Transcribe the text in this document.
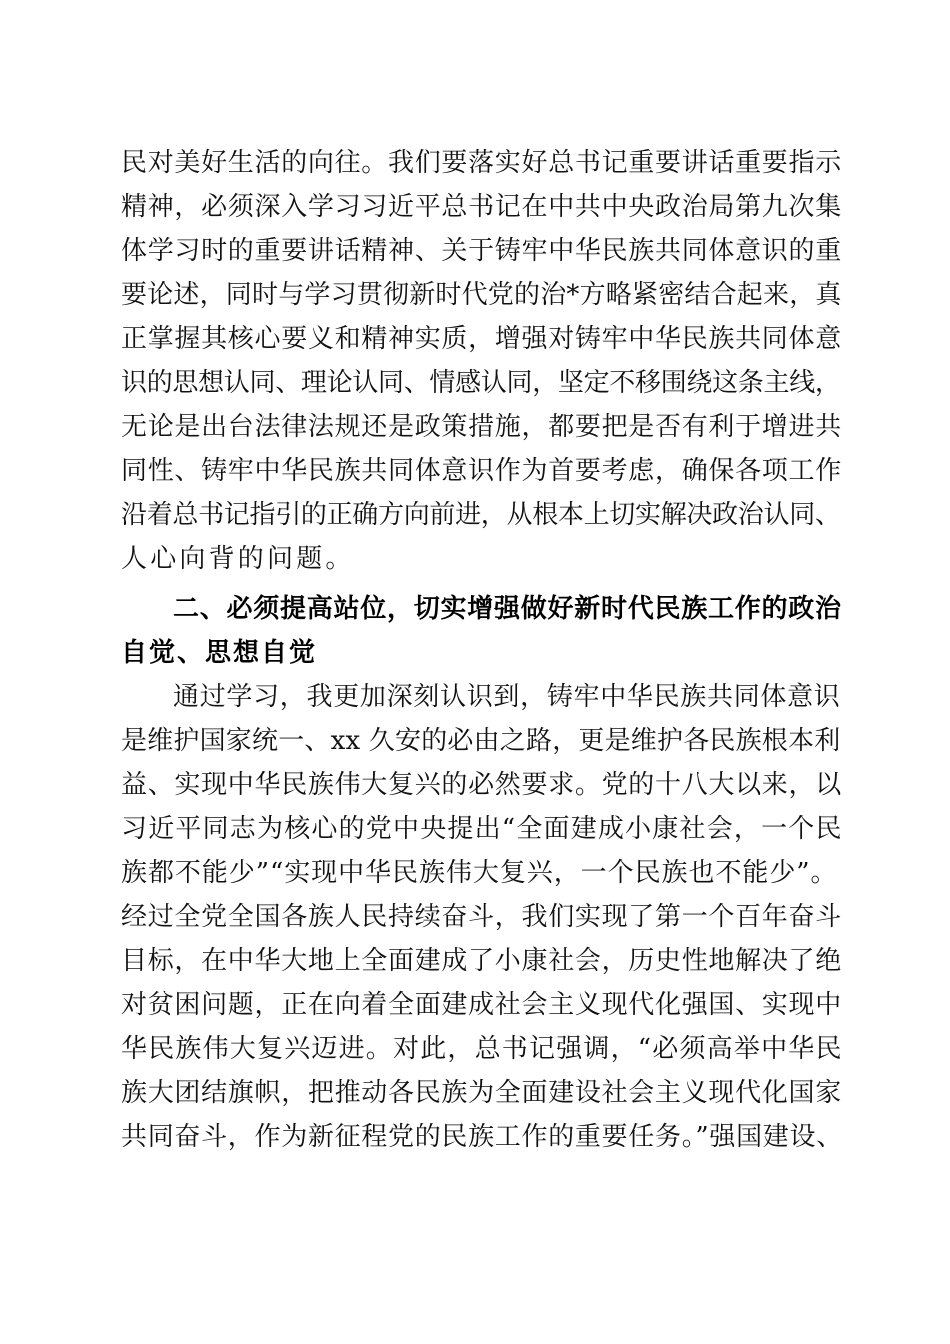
民对美好生活的向往。我们要落实好总书记重要讲话重要指示
精神，必须深入学习习近平总书记在中共中央政治局第九次集
体学习时的重要讲话精神、关于铸牢中华民族共同体意识的重
要论述，同时与学习贯彻新时代党的治*方略紧密结合起来，真
正掌握其核心要义和精神实质，增强对铸牢中华民族共同体意
识的思想认同、理论认同、情感认同，坚定不移围绕这条主线，
无论是出台法律法规还是政策措施，都要把是否有利于增进共
同性、铸牢中华民族共同体意识作为首要考虑，确保各项工作
沿着总书记指引的正确方向前进，从根本上切实解决政治认同、
人心向背的问题。
二、必须提高站位，切实增强做好新时代民族工作的政治
自觉、思想自觉
通过学习，我更加深刻认识到，铸牢中华民族共同体意识
是维护国家统一、xx 久安的必由之路，更是维护各民族根本利
益、实现中华民族伟大复兴的必然要求。党的十八大以来，以
习近平同志为核心的党中央提出“全面建成小康社会，一个民
族都不能少”“实现中华民族伟大复兴，一个民族也不能少”。
经过全党全国各族人民持续奋斗，我们实现了第一个百年奋斗
目标，在中华大地上全面建成了小康社会，历史性地解决了绝
对贫困问题，正在向着全面建成社会主义现代化强国、实现中
华民族伟大复兴迈进。对此，总书记强调，“必须高举中华民
族大团结旗帜，把推动各民族为全面建设社会主义现代化国家
共同奋斗，作为新征程党的民族工作的重要任务。”强国建设、
